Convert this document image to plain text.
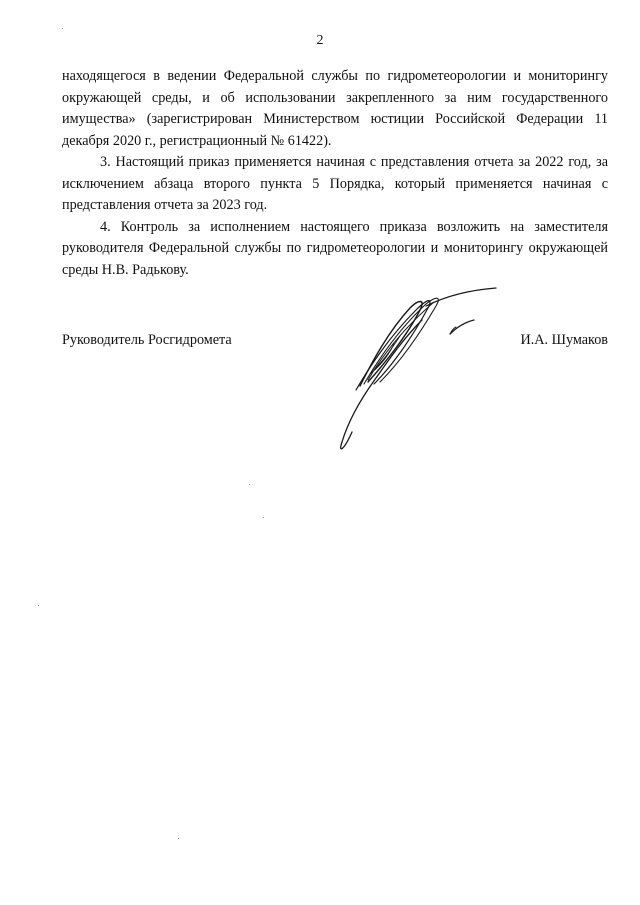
2

находящегося в ведении Федеральной службы по гидрометеорологии и мониторингу окружающей среды, и об использовании закрепленного за ним государственного имущества» (зарегистрирован Министерством юстиции Российской Федерации 11 декабря 2020 г., регистрационный № 61422).

3. Настоящий приказ применяется начиная с представления отчета за 2022 год, за исключением абзаца второго пункта 5 Порядка, который применяется начиная с представления отчета за 2023 год.

4. Контроль за исполнением настоящего приказа возложить на заместителя руководителя Федеральной службы по гидрометеорологии и мониторингу окружающей среды Н.В. Радькову.

Руководитель Росгидромета	И.А. Шумаков
